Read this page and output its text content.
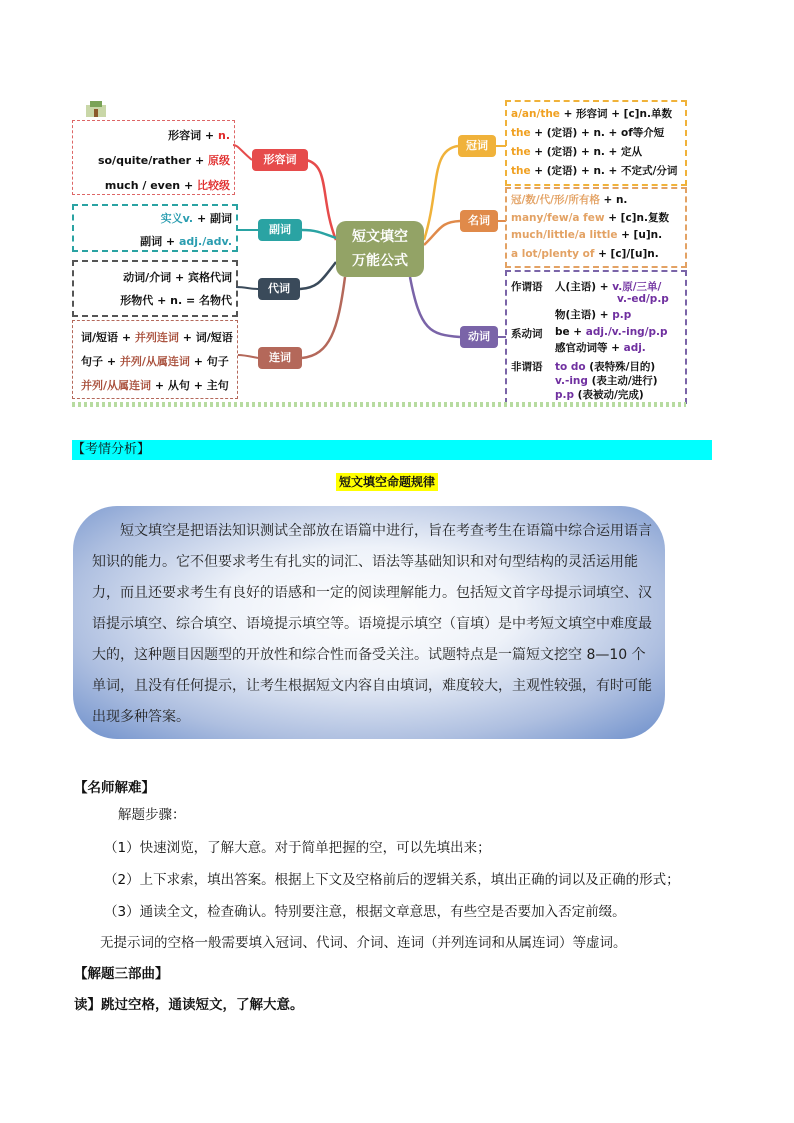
短文填空
万能公式
形容词
副词
代词
连词
冠词
名词
动词
形容词 + n.
so/quite/rather + 原级
much / even + 比较级
实义v. + 副词
副词 + adj./adv.
动词/介词 + 宾格代词
形物代 + n. = 名物代
词/短语 + 并列连词 + 词/短语
句子 + 并列/从属连词 + 句子
并列/从属连词 + 从句 + 主句
a/an/the + 形容词 + [c]n.单数
the + (定语) + n. + of等介短
the + (定语) + n. + 定从
the + (定语) + n. + 不定式/分词
冠/数/代/形/所有格 + n.
many/few/a few + [c]n.复数
much/little/a little + [u]n.
a lot/plenty of + [c]/[u]n.
作谓语 人(主语) + v.原/三单/
v.-ed/p.p
物(主语) + p.p
系动词 be + adj./v.-ing/p.p
感官动词等 + adj.
非谓语 to do (表特殊/目的)
v.-ing (表主动/进行)
p.p (表被动/完成)
【考情分析】
短文填空命题规律
短文填空是把语法知识测试全部放在语篇中进行，旨在考查考生在语篇中综合运用语言知识的能力。它不但要求考生有扎实的词汇、语法等基础知识和对句型结构的灵活运用能力，而且还要求考生有良好的语感和一定的阅读理解能力。包括短文首字母提示词填空、汉语提示填空、综合填空、语境提示填空等。语境提示填空（盲填）是中考短文填空中难度最大的，这种题目因题型的开放性和综合性而备受关注。试题特点是一篇短文挖空 8—10 个单词，且没有任何提示，让考生根据短文内容自由填词，难度较大，主观性较强，有时可能出现多种答案。
【名师解难】
解题步骤：
（1）快速浏览，了解大意。对于简单把握的空，可以先填出来；
（2）上下求索，填出答案。根据上下文及空格前后的逻辑关系，填出正确的词以及正确的形式；
（3）通读全文，检查确认。特别要注意，根据文章意思，有些空是否要加入否定前缀。
无提示词的空格一般需要填入冠词、代词、介词、连词（并列连词和从属连词）等虚词。
【解题三部曲】
读】跳过空格，通读短文，了解大意。
